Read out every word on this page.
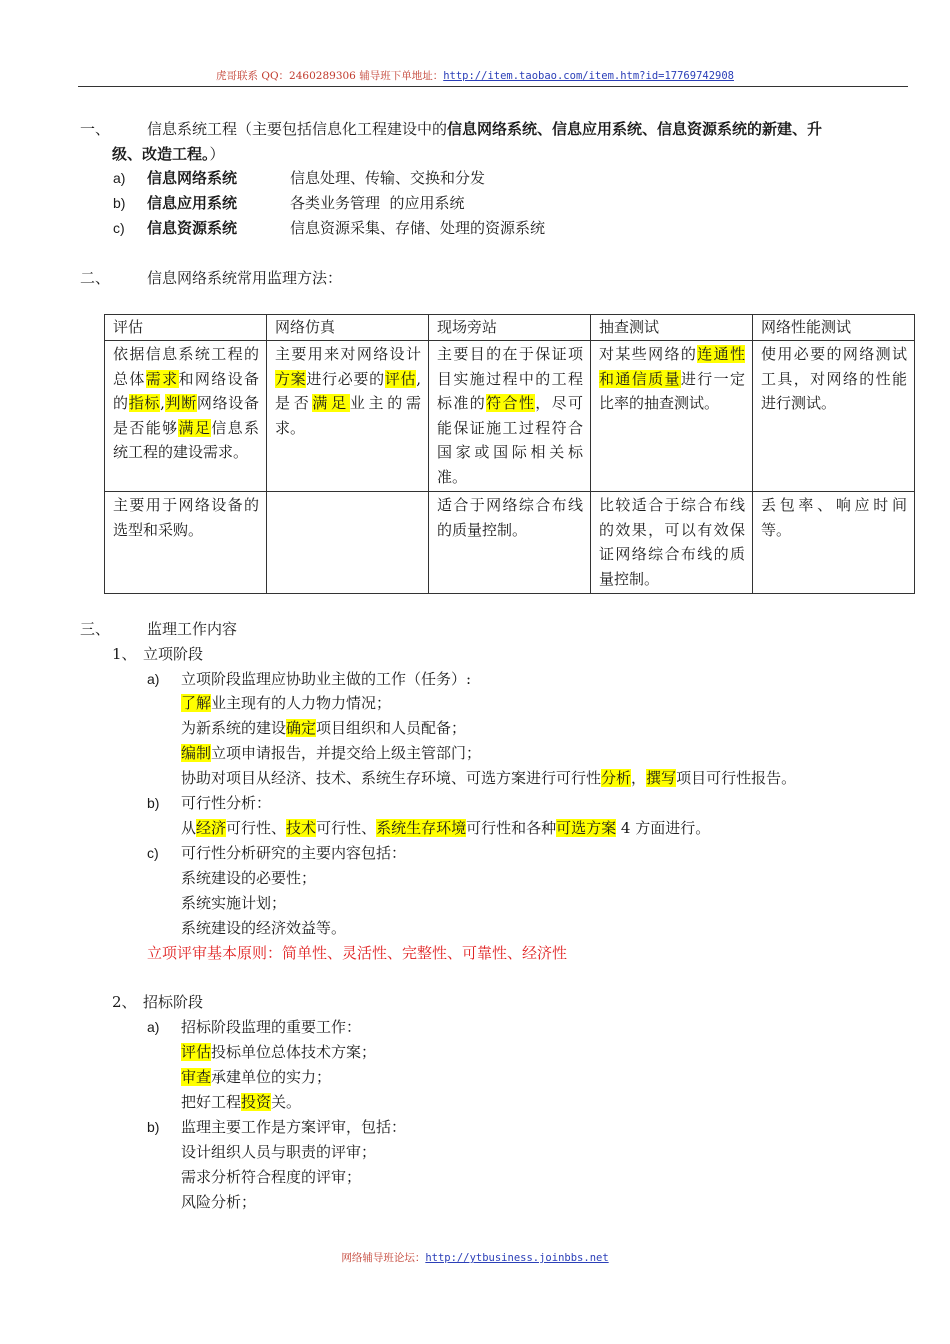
虎哥联系 QQ：2460289306 辅导班下单地址：http://item.taobao.com/item.htm?id=17769742908
一、 信息系统工程（主要包括信息化工程建设中的信息网络系统、信息应用系统、信息资源系统的新建、升
级、改造工程。）
a) 信息网络系统	信息处理、传输、交换和分发
b) 信息应用系统	各类业务管理  的应用系统
c) 信息资源系统	信息资源采集、存储、处理的资源系统
二、 信息网络系统常用监理方法：
评估	网络仿真	现场旁站	抽查测试	网络性能测试
依据信息系统工程的总体需求和网络设备的指标,判断网络设备是否能够满足信息系统工程的建设需求。	主要用来对网络设计方案进行必要的评估,是否满足业主的需求。	主要目的在于保证项目实施过程中的工程标准的符合性，尽可能保证施工过程符合国家或国际相关标准。	对某些网络的连通性和通信质量进行一定比率的抽查测试。	使用必要的网络测试工具，对网络的性能进行测试。
主要用于网络设备的选型和采购。		适合于网络综合布线的质量控制。	比较适合于综合布线的效果，可以有效保证网络综合布线的质量控制。	丢包率、响应时间等。
三、 监理工作内容
1、 立项阶段
a) 立项阶段监理应协助业主做的工作（任务）:
了解业主现有的人力物力情况；
为新系统的建设确定项目组织和人员配备；
编制立项申请报告，并提交给上级主管部门；
协助对项目从经济、技术、系统生存环境、可选方案进行可行性分析，撰写项目可行性报告。
b) 可行性分析：
从经济可行性、技术可行性、系统生存环境可行性和各种可选方案 4 方面进行。
c) 可行性分析研究的主要内容包括：
系统建设的必要性；
系统实施计划；
系统建设的经济效益等。
立项评审基本原则：简单性、灵活性、完整性、可靠性、经济性
2、 招标阶段
a) 招标阶段监理的重要工作：
评估投标单位总体技术方案；
审查承建单位的实力；
把好工程投资关。
b) 监理主要工作是方案评审，包括：
设计组织人员与职责的评审；
需求分析符合程度的评审；
风险分析；
网络辅导班论坛：http://ytbusiness.joinbbs.net
